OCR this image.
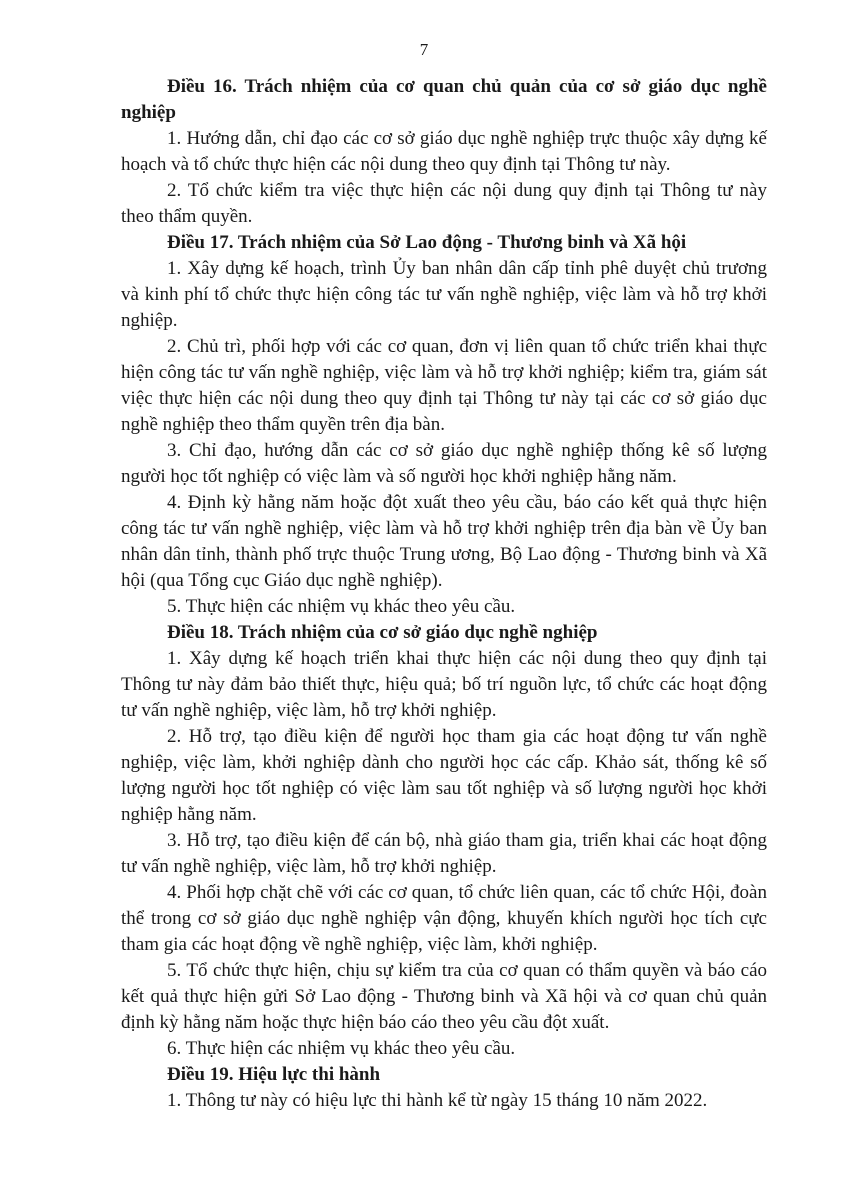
7

Điều 16. Trách nhiệm của cơ quan chủ quản của cơ sở giáo dục nghề nghiệp

1. Hướng dẫn, chỉ đạo các cơ sở giáo dục nghề nghiệp trực thuộc xây dựng kế hoạch và tổ chức thực hiện các nội dung theo quy định tại Thông tư này.

2. Tổ chức kiểm tra việc thực hiện các nội dung quy định tại Thông tư này theo thẩm quyền.

Điều 17. Trách nhiệm của Sở Lao động - Thương binh và Xã hội

1. Xây dựng kế hoạch, trình Ủy ban nhân dân cấp tỉnh phê duyệt chủ trương và kinh phí tổ chức thực hiện công tác tư vấn nghề nghiệp, việc làm và hỗ trợ khởi nghiệp.

2. Chủ trì, phối hợp với các cơ quan, đơn vị liên quan tổ chức triển khai thực hiện công tác tư vấn nghề nghiệp, việc làm và hỗ trợ khởi nghiệp; kiểm tra, giám sát việc thực hiện các nội dung theo quy định tại Thông tư này tại các cơ sở giáo dục nghề nghiệp theo thẩm quyền trên địa bàn.

3. Chỉ đạo, hướng dẫn các cơ sở giáo dục nghề nghiệp thống kê số lượng người học tốt nghiệp có việc làm và số người học khởi nghiệp hằng năm.

4. Định kỳ hằng năm hoặc đột xuất theo yêu cầu, báo cáo kết quả thực hiện công tác tư vấn nghề nghiệp, việc làm và hỗ trợ khởi nghiệp trên địa bàn về Ủy ban nhân dân tỉnh, thành phố trực thuộc Trung ương, Bộ Lao động - Thương binh và Xã hội (qua Tổng cục Giáo dục nghề nghiệp).

5. Thực hiện các nhiệm vụ khác theo yêu cầu.

Điều 18. Trách nhiệm của cơ sở giáo dục nghề nghiệp

1. Xây dựng kế hoạch triển khai thực hiện các nội dung theo quy định tại Thông tư này đảm bảo thiết thực, hiệu quả; bố trí nguồn lực, tổ chức các hoạt động tư vấn nghề nghiệp, việc làm, hỗ trợ khởi nghiệp.

2. Hỗ trợ, tạo điều kiện để người học tham gia các hoạt động tư vấn nghề nghiệp, việc làm, khởi nghiệp dành cho người học các cấp. Khảo sát, thống kê số lượng người học tốt nghiệp có việc làm sau tốt nghiệp và số lượng người học khởi nghiệp hằng năm.

3. Hỗ trợ, tạo điều kiện để cán bộ, nhà giáo tham gia, triển khai các hoạt động tư vấn nghề nghiệp, việc làm, hỗ trợ khởi nghiệp.

4. Phối hợp chặt chẽ với các cơ quan, tổ chức liên quan, các tổ chức Hội, đoàn thể trong cơ sở giáo dục nghề nghiệp vận động, khuyến khích người học tích cực tham gia các hoạt động về nghề nghiệp, việc làm, khởi nghiệp.

5. Tổ chức thực hiện, chịu sự kiểm tra của cơ quan có thẩm quyền và báo cáo kết quả thực hiện gửi Sở Lao động - Thương binh và Xã hội và cơ quan chủ quản định kỳ hằng năm hoặc thực hiện báo cáo theo yêu cầu đột xuất.

6. Thực hiện các nhiệm vụ khác theo yêu cầu.

Điều 19. Hiệu lực thi hành

1. Thông tư này có hiệu lực thi hành kể từ ngày 15 tháng 10 năm 2022.
